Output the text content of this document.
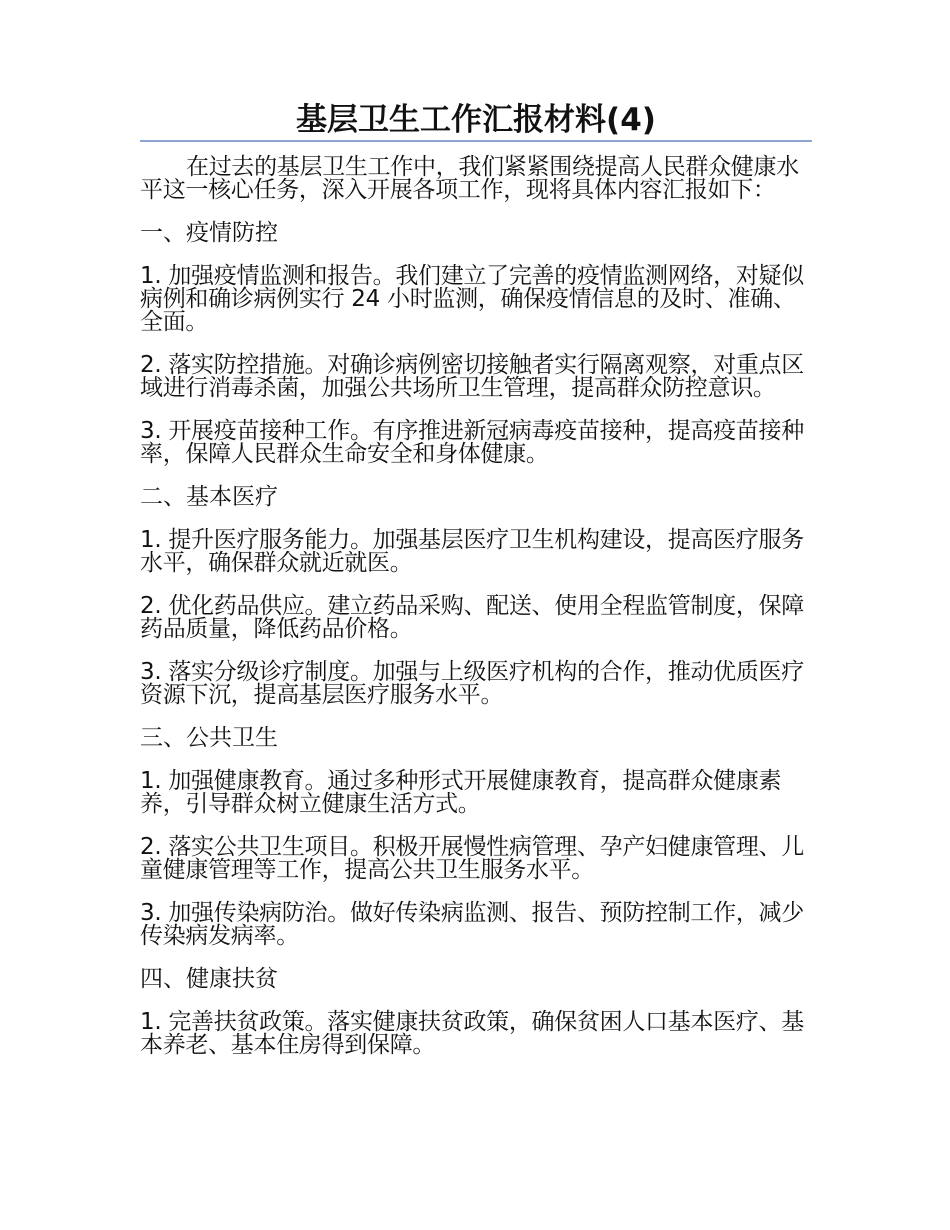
基层卫生工作汇报材料(4)

在过去的基层卫生工作中，我们紧紧围绕提高人民群众健康水平这一核心任务，深入开展各项工作，现将具体内容汇报如下：

一、疫情防控

1. 加强疫情监测和报告。我们建立了完善的疫情监测网络，对疑似病例和确诊病例实行 24 小时监测，确保疫情信息的及时、准确、全面。

2. 落实防控措施。对确诊病例密切接触者实行隔离观察，对重点区域进行消毒杀菌，加强公共场所卫生管理，提高群众防控意识。

3. 开展疫苗接种工作。有序推进新冠病毒疫苗接种，提高疫苗接种率，保障人民群众生命安全和身体健康。

二、基本医疗

1. 提升医疗服务能力。加强基层医疗卫生机构建设，提高医疗服务水平，确保群众就近就医。

2. 优化药品供应。建立药品采购、配送、使用全程监管制度，保障药品质量，降低药品价格。

3. 落实分级诊疗制度。加强与上级医疗机构的合作，推动优质医疗资源下沉，提高基层医疗服务水平。

三、公共卫生

1. 加强健康教育。通过多种形式开展健康教育，提高群众健康素养，引导群众树立健康生活方式。

2. 落实公共卫生项目。积极开展慢性病管理、孕产妇健康管理、儿童健康管理等工作，提高公共卫生服务水平。

3. 加强传染病防治。做好传染病监测、报告、预防控制工作，减少传染病发病率。

四、健康扶贫

1. 完善扶贫政策。落实健康扶贫政策，确保贫困人口基本医疗、基本养老、基本住房得到保障。
